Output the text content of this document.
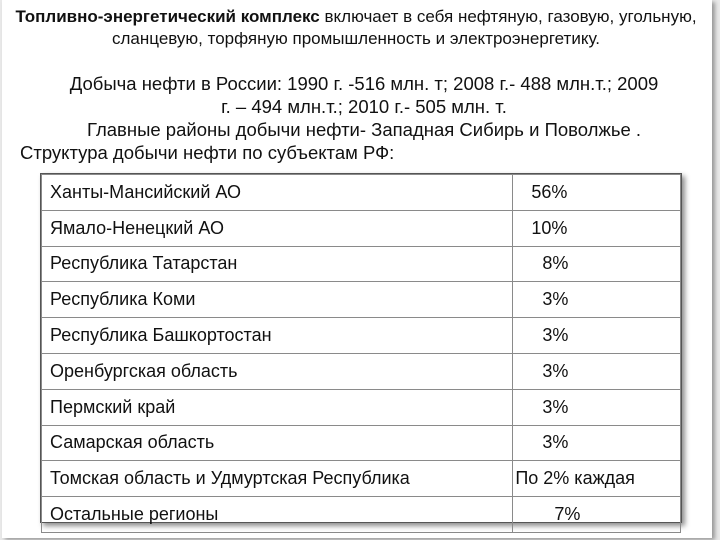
Топливно-энергетический комплекс включает в себя нефтяную, газовую, угольную, сланцевую, торфяную промышленность и электроэнергетику.
Добыча нефти в России: 1990 г. -516 млн. т; 2008 г.- 488 млн.т.; 2009
г. – 494 млн.т.; 2010 г.- 505 млн. т.
Главные районы добычи нефти- Западная Сибирь и Поволжье .
Структура добычи нефти по субъектам РФ:
Ханты-Мансийский АО	56%
Ямало-Ненецкий АО	10%
Республика Татарстан	8%
Республика Коми	3%
Республика Башкортостан	3%
Оренбургская область	3%
Пермский край	3%
Самарская область	3%
Томская область и Удмуртская Республика	По 2% каждая
Остальные регионы	7%
